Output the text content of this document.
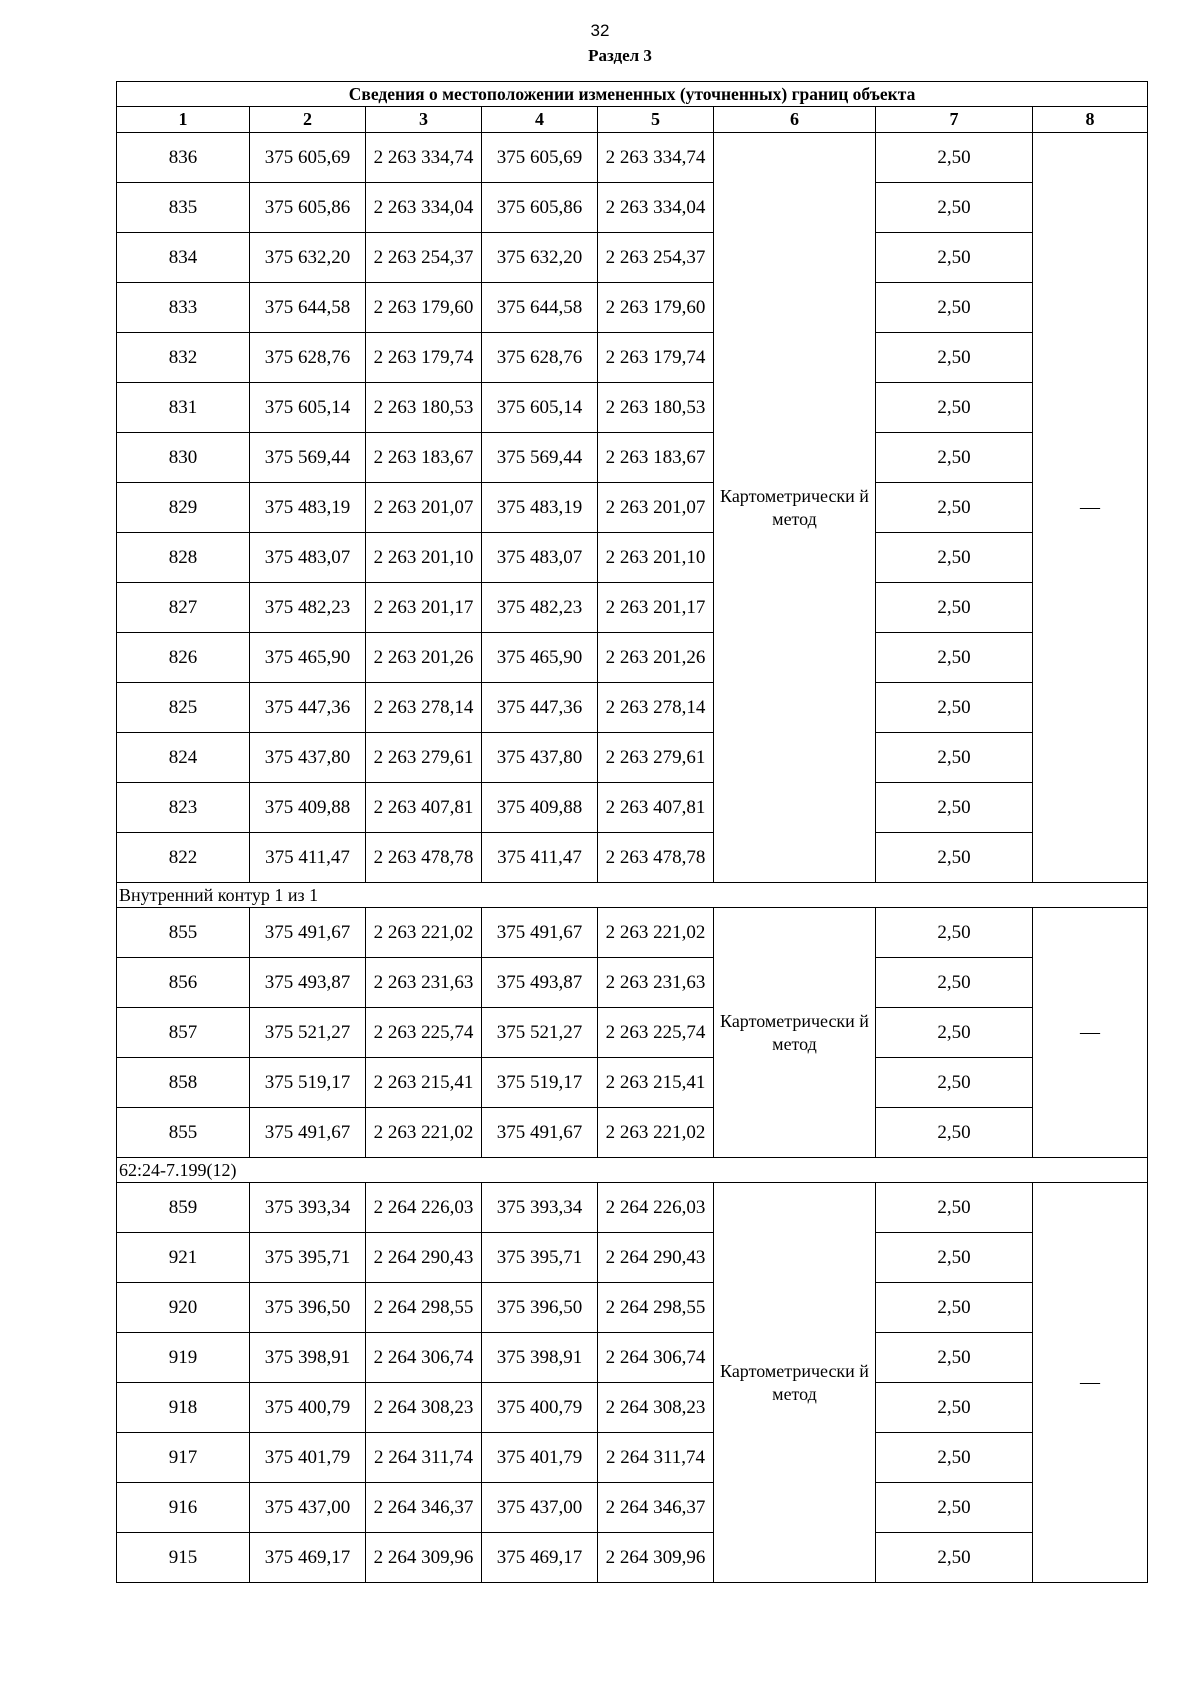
32
Раздел 3
Сведения о местоположении измененных (уточненных) границ объекта							
1	2	3	4	5	6	7	8
836	375 605,69	2 263 334,74	375 605,69	2 263 334,74	Картометрически й метод	2,50	—
835	375 605,86	2 263 334,04	375 605,86	2 263 334,04		2,50	
834	375 632,20	2 263 254,37	375 632,20	2 263 254,37		2,50	
833	375 644,58	2 263 179,60	375 644,58	2 263 179,60		2,50	
832	375 628,76	2 263 179,74	375 628,76	2 263 179,74		2,50	
831	375 605,14	2 263 180,53	375 605,14	2 263 180,53		2,50	
830	375 569,44	2 263 183,67	375 569,44	2 263 183,67		2,50	
829	375 483,19	2 263 201,07	375 483,19	2 263 201,07		2,50	
828	375 483,07	2 263 201,10	375 483,07	2 263 201,10		2,50	
827	375 482,23	2 263 201,17	375 482,23	2 263 201,17		2,50	
826	375 465,90	2 263 201,26	375 465,90	2 263 201,26		2,50	
825	375 447,36	2 263 278,14	375 447,36	2 263 278,14		2,50	
824	375 437,80	2 263 279,61	375 437,80	2 263 279,61		2,50	
823	375 409,88	2 263 407,81	375 409,88	2 263 407,81		2,50	
822	375 411,47	2 263 478,78	375 411,47	2 263 478,78		2,50	
Внутренний контур 1 из 1							
855	375 491,67	2 263 221,02	375 491,67	2 263 221,02	Картометрически й метод	2,50	—
856	375 493,87	2 263 231,63	375 493,87	2 263 231,63		2,50	
857	375 521,27	2 263 225,74	375 521,27	2 263 225,74		2,50	
858	375 519,17	2 263 215,41	375 519,17	2 263 215,41		2,50	
855	375 491,67	2 263 221,02	375 491,67	2 263 221,02		2,50	
62:24-7.199(12)							
859	375 393,34	2 264 226,03	375 393,34	2 264 226,03	Картометрически й метод	2,50	—
921	375 395,71	2 264 290,43	375 395,71	2 264 290,43		2,50	
920	375 396,50	2 264 298,55	375 396,50	2 264 298,55		2,50	
919	375 398,91	2 264 306,74	375 398,91	2 264 306,74		2,50	
918	375 400,79	2 264 308,23	375 400,79	2 264 308,23		2,50	
917	375 401,79	2 264 311,74	375 401,79	2 264 311,74		2,50	
916	375 437,00	2 264 346,37	375 437,00	2 264 346,37		2,50	
915	375 469,17	2 264 309,96	375 469,17	2 264 309,96		2,50	
